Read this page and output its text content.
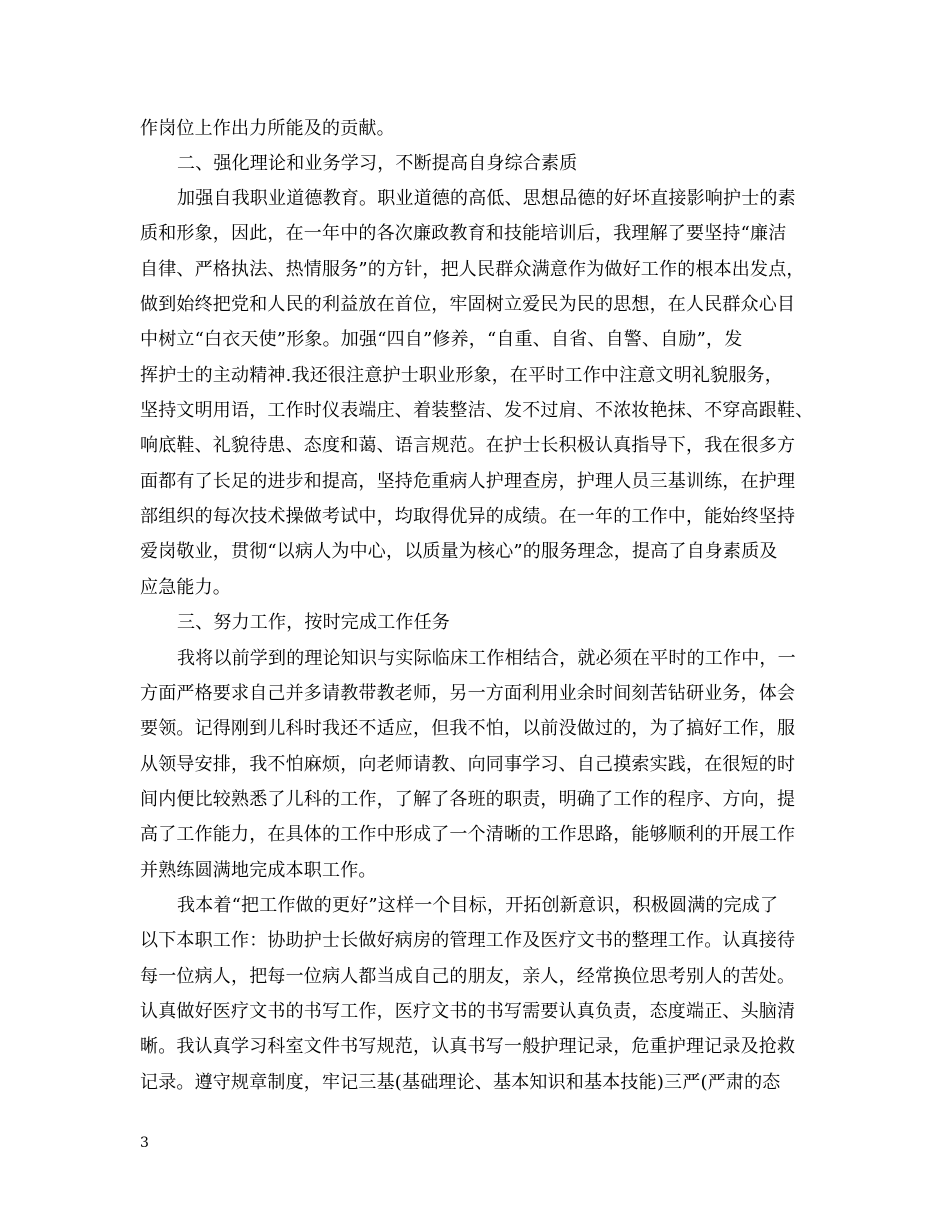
作岗位上作出力所能及的贡献。
二、强化理论和业务学习，不断提高自身综合素质
加强自我职业道德教育。职业道德的高低、思想品德的好坏直接影响护士的素
质和形象，因此，在一年中的各次廉政教育和技能培训后，我理解了要坚持“廉洁
自律、严格执法、热情服务”的方针，把人民群众满意作为做好工作的根本出发点，
做到始终把党和人民的利益放在首位，牢固树立爱民为民的思想，在人民群众心目
中树立“白衣天使”形象。加强“四自”修养，“自重、自省、自警、自励”，发
挥护士的主动精神.我还很注意护士职业形象，在平时工作中注意文明礼貌服务，
坚持文明用语，工作时仪表端庄、着装整洁、发不过肩、不浓妆艳抹、不穿高跟鞋、
响底鞋、礼貌待患、态度和蔼、语言规范。在护士长积极认真指导下，我在很多方
面都有了长足的进步和提高，坚持危重病人护理查房，护理人员三基训练，在护理
部组织的每次技术操做考试中，均取得优异的成绩。在一年的工作中，能始终坚持
爱岗敬业，贯彻“以病人为中心，以质量为核心”的服务理念，提高了自身素质及
应急能力。
三、努力工作，按时完成工作任务
我将以前学到的理论知识与实际临床工作相结合，就必须在平时的工作中，一
方面严格要求自己并多请教带教老师，另一方面利用业余时间刻苦钻研业务，体会
要领。记得刚到儿科时我还不适应，但我不怕，以前没做过的，为了搞好工作，服
从领导安排，我不怕麻烦，向老师请教、向同事学习、自己摸索实践，在很短的时
间内便比较熟悉了儿科的工作，了解了各班的职责，明确了工作的程序、方向，提
高了工作能力，在具体的工作中形成了一个清晰的工作思路，能够顺利的开展工作
并熟练圆满地完成本职工作。
我本着“把工作做的更好”这样一个目标，开拓创新意识，积极圆满的完成了
以下本职工作：协助护士长做好病房的管理工作及医疗文书的整理工作。认真接待
每一位病人，把每一位病人都当成自己的朋友，亲人，经常换位思考别人的苦处。
认真做好医疗文书的书写工作，医疗文书的书写需要认真负责，态度端正、头脑清
晰。我认真学习科室文件书写规范，认真书写一般护理记录，危重护理记录及抢救
记录。遵守规章制度，牢记三基(基础理论、基本知识和基本技能)三严(严肃的态
3
